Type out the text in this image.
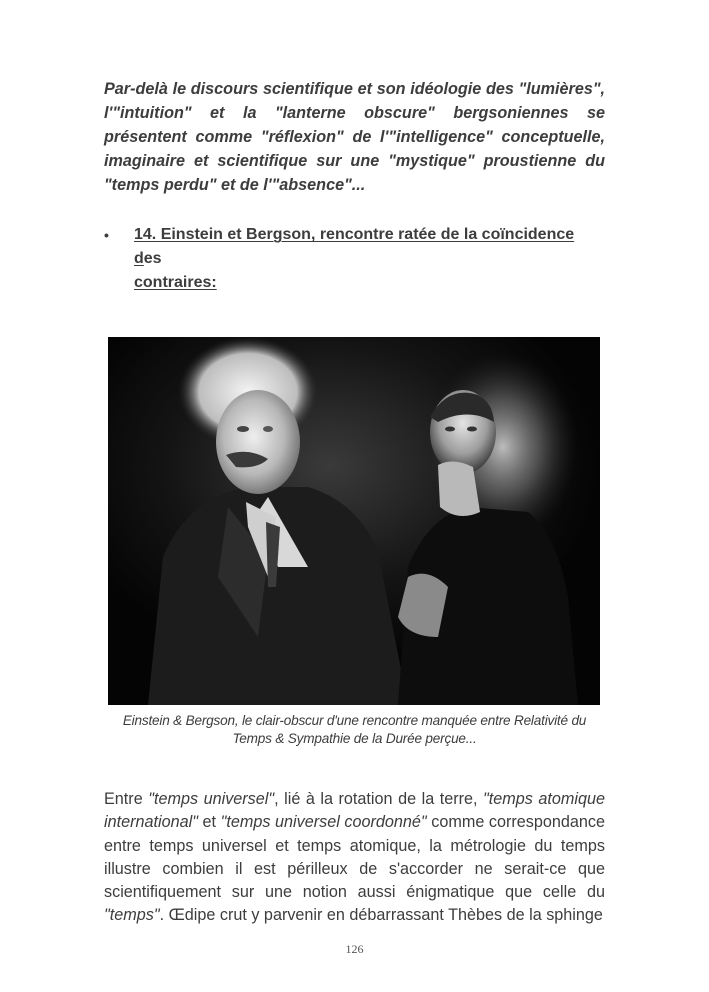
Par-delà le discours scientifique et son idéologie des "lumières", l'"intuition" et la "lanterne obscure" bergsoniennes se présentent comme "réflexion" de l'"intelligence" conceptuelle, imaginaire et scientifique sur une "mystique" proustienne du "temps perdu" et de l'"absence"...

• 14. Einstein et Bergson, rencontre ratée de la coïncidence des
contraires:

Einstein & Bergson, le clair-obscur d'une rencontre manquée entre Relativité du Temps & Sympathie de la Durée perçue...

Entre "temps universel", lié à la rotation de la terre, "temps atomique international" et "temps universel coordonné" comme correspondance entre temps universel et temps atomique, la métrologie du temps illustre combien il est périlleux de s'accorder ne serait-ce que scientifiquement sur une notion aussi énigmatique que celle du "temps". Œdipe crut y parvenir en débarrassant Thèbes de la sphinge

126
